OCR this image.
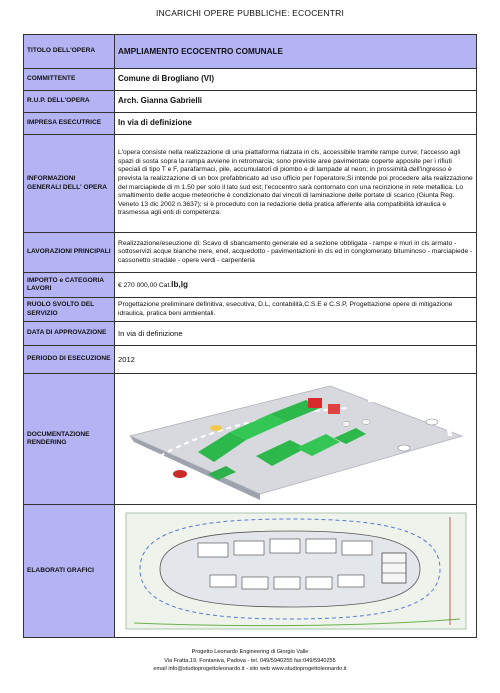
INCARICHI OPERE PUBBLICHE: ECOCENTRI
TITOLO DELL'OPERA	AMPLIAMENTO ECOCENTRO COMUNALE
COMMITTENTE	Comune di Brogliano (VI)
R.U.P. DELL'OPERA	Arch. Gianna Gabrielli
IMPRESA ESECUTRICE	In via di definizione
INFORMAZIONI GENERALI DELL' OPERA	L'opera consiste nella realizzazione di una piattaforma rialzata in cls, accessibile tramite rampe curve; l'accesso agli spazi di sosta sopra la rampa avviene in retromarcia; sono previste aree pavimentate coperte apposite per i rifiuti speciali di tipo T e F, parafarmaci, pile, accumulatori di piombo e di lampade al neon; in prossimità dell'ingresso è prevista la realizzazione di un box prefabbricato ad uso ufficio per l'operatore;Si intende poi procedere alla realizzazione del marciapiede di m 1.50 per solo il lato sud est; l'ecocentro sarà contornato con una recinzione in rete metallica. Lo smaltimento delle acque meteoriche è condizionato dai vincoli di laminazione delle portate di scarico (Giunta Reg. Veneto 13 dic 2002 n.3637); si è proceduto con la redazione della pratica afferente alla compatibilità idraulica e trasmessa agli enti di competenza.
LAVORAZIONI PRINCIPALI	Realizzazione/eseuzione di: Scavo di sbancamento generale ed a sezione obbligata - rampe e muri in cls armato - sottoservizi acque bianche nere, enel, acquedotto - pavimentazioni in cls ed in conglomerato bituminoso - marciapiede - cassonetto stradale - opere verdi - carpenteria
IMPORTO e CATEGORIA LAVORI	€ 270 000,00 Cat.lb,lg
RUOLO SVOLTO DEL SERVIZIO	Progettazione preliminare definitiva, esecutiva, D.L, contabilità,C.S.E e C.S.P, Progettazione opere di mitigazione idraulica, pratica beni ambientali.
DATA DI APPROVAZIONE	In via di definizione
PERIODO DI ESECUZIONE	2012
DOCUMENTAZIONE RENDERING	

ELABORATI GRAFICI	
Progetto Leonardo Engineering di Giorgio Valle
Via Fratta,19, Fontaniva, Padova - tel. 049/5940255 fax:049/5940255
email info@studioprogettoleonardo.it - sito web www.studioprogettoleonardo.it
